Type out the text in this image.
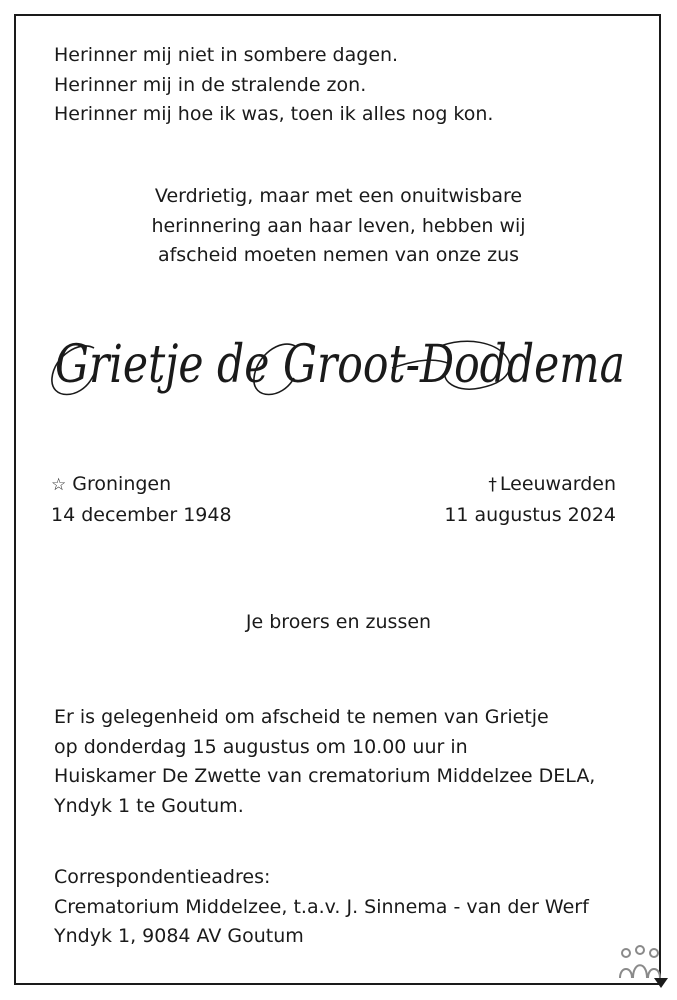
Herinner mij niet in sombere dagen.
Herinner mij in de stralende zon.
Herinner mij hoe ik was, toen ik alles nog kon.
Verdrietig, maar met een onuitwisbare
herinnering aan haar leven, hebben wij
afscheid moeten nemen van onze zus
Grietje de Groot-Doddema
☆ Groningen
14 december 1948
† Leeuwarden
11 augustus 2024
Je broers en zussen
Er is gelegenheid om afscheid te nemen van Grietje
op donderdag 15 augustus om 10.00 uur in
Huiskamer De Zwette van crematorium Middelzee DELA,
Yndyk 1 te Goutum.
Correspondentieadres:
Crematorium Middelzee, t.a.v. J. Sinnema - van der Werf
Yndyk 1, 9084 AV Goutum
